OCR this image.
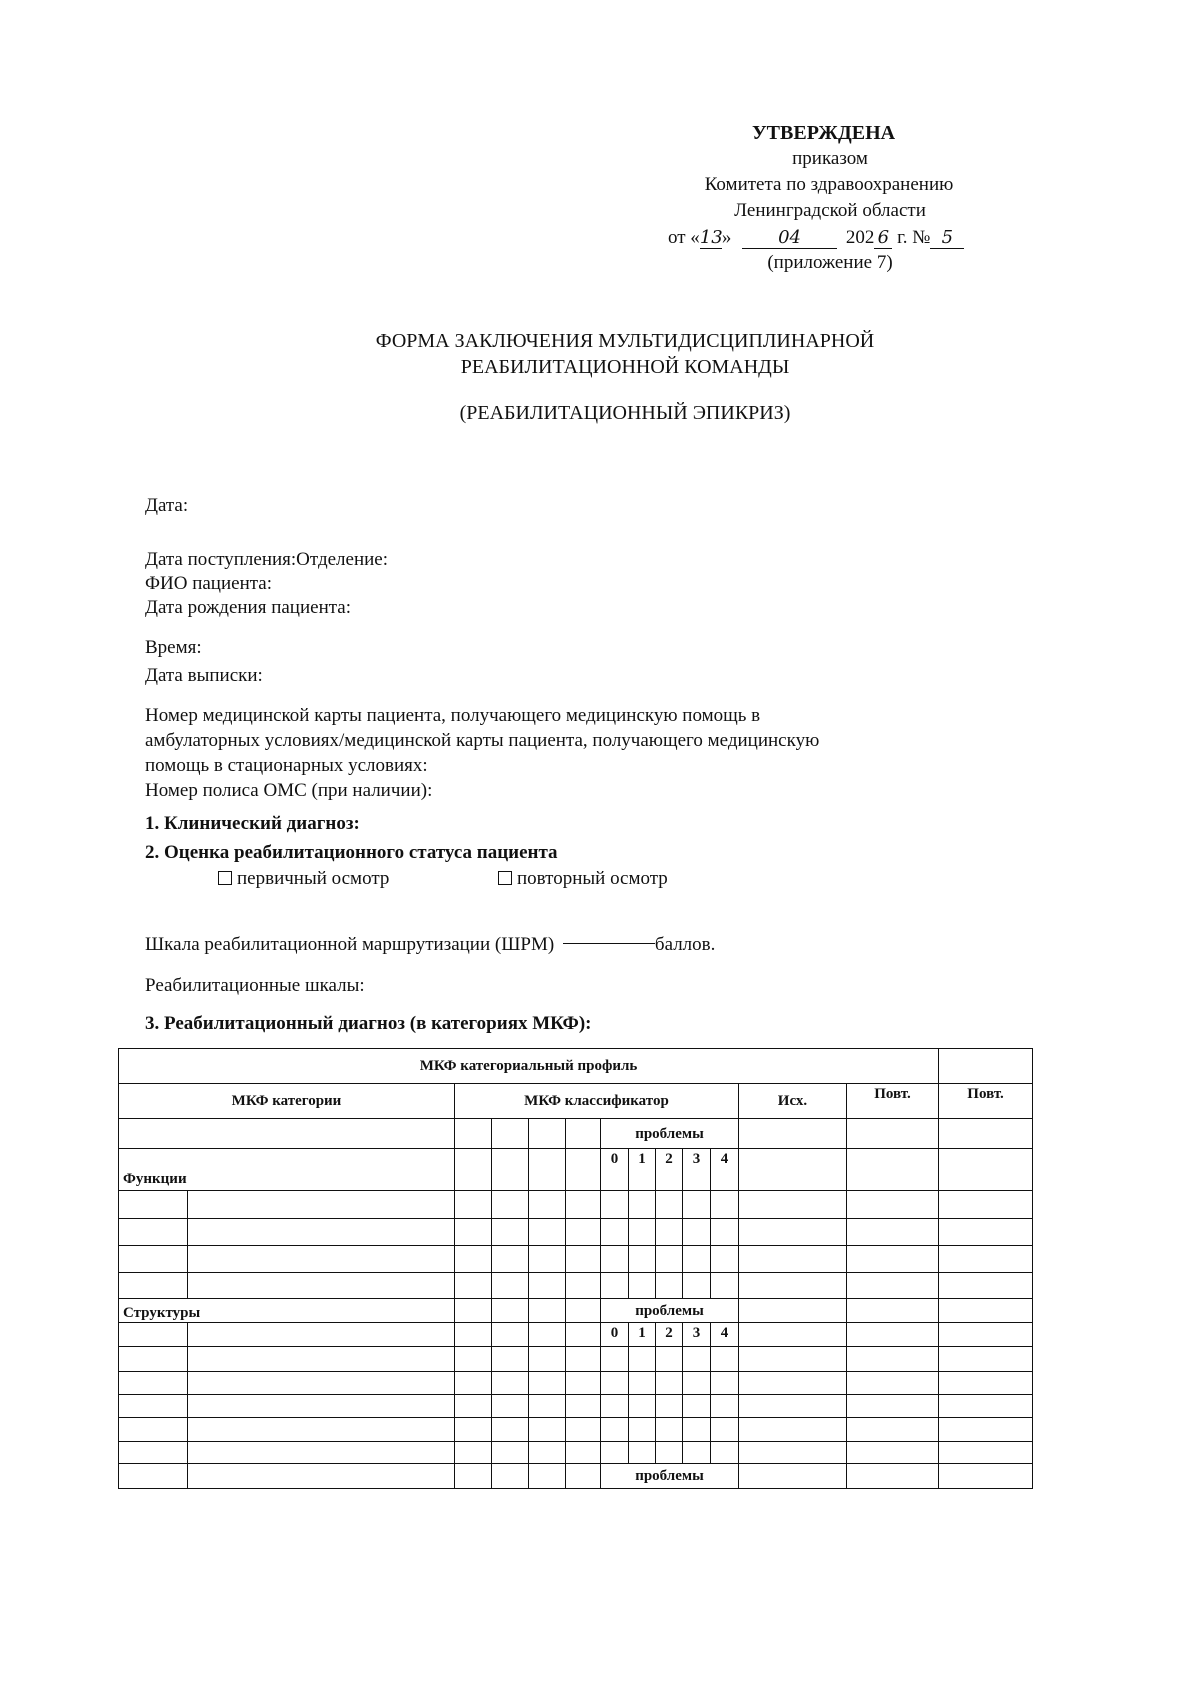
УТВЕРЖДЕНА
приказом
Комитета по здравоохранению
Ленинградской области
от «13»	04 202 6 г. № 5
(приложение 7)
ФОРМА ЗАКЛЮЧЕНИЯ МУЛЬТИДИСЦИПЛИНАРНОЙ
РЕАБИЛИТАЦИОННОЙ КОМАНДЫ
(РЕАБИЛИТАЦИОННЫЙ ЭПИКРИЗ)
Дата:
Дата поступления:Отделение:
ФИО пациента:
Дата рождения пациента:
Время:
Дата выписки:
Номер медицинской карты пациента, получающего медицинскую помощь в
амбулаторных условиях/медицинской карты пациента, получающего медицинскую
помощь в стационарных условиях:
Номер полиса ОМС (при наличии):
1. Клинический диагноз:
2. Оценка реабилитационного статуса пациента
первичный осмотр	повторный осмотр
Шкала реабилитационной маршрутизации (ШРМ)	баллов.
Реабилитационные шкалы:
3. Реабилитационный диагноз (в категориях МКФ):
МКФ категориальный профиль													
МКФ категории		МКФ классификатор									Исх.	Повт.	Повт.
						проблемы							
Функции						0	1	2	3	4			

Структуры						проблемы							
						0	1	2	3	4			

						проблемы							
